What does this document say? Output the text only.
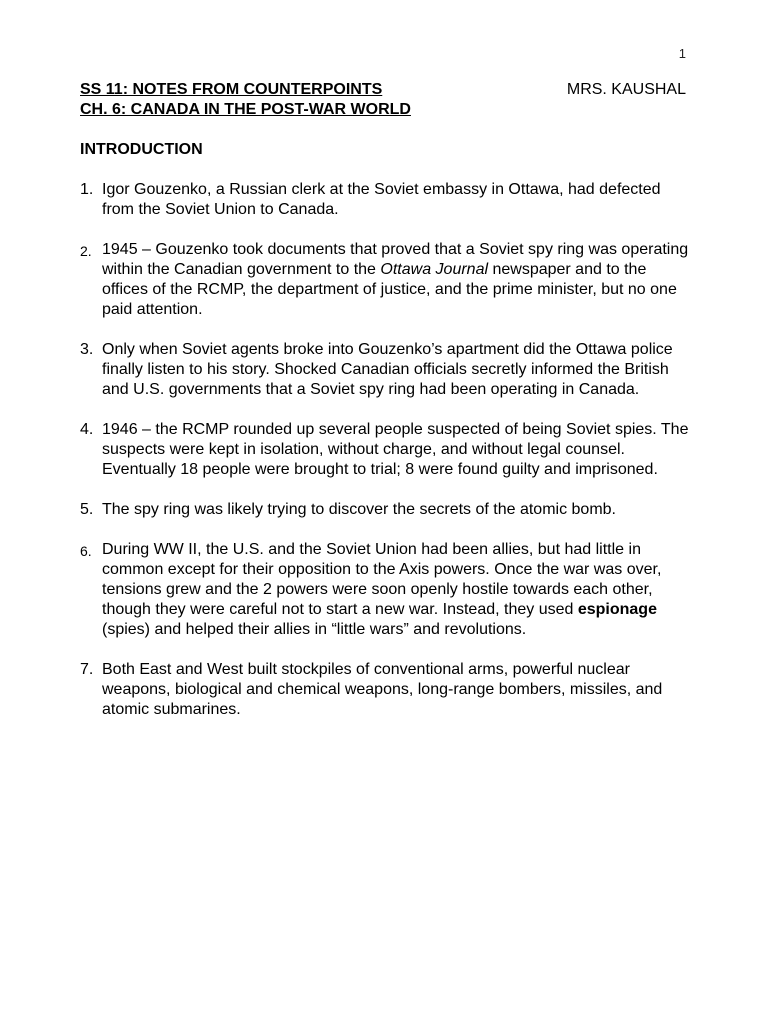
1
SS 11: NOTES FROM COUNTERPOINTS
CH. 6: CANADA IN THE POST-WAR WORLD
MRS. KAUSHAL
INTRODUCTION
1. Igor Gouzenko, a Russian clerk at the Soviet embassy in Ottawa, had defected from the Soviet Union to Canada.
2. 1945 – Gouzenko took documents that proved that a Soviet spy ring was operating within the Canadian government to the Ottawa Journal newspaper and to the offices of the RCMP, the department of justice, and the prime minister, but no one paid attention.
3. Only when Soviet agents broke into Gouzenko’s apartment did the Ottawa police finally listen to his story. Shocked Canadian officials secretly informed the British and U.S. governments that a Soviet spy ring had been operating in Canada.
4. 1946 – the RCMP rounded up several people suspected of being Soviet spies. The suspects were kept in isolation, without charge, and without legal counsel. Eventually 18 people were brought to trial; 8 were found guilty and imprisoned.
5. The spy ring was likely trying to discover the secrets of the atomic bomb.
6. During WW II, the U.S. and the Soviet Union had been allies, but had little in common except for their opposition to the Axis powers. Once the war was over, tensions grew and the 2 powers were soon openly hostile towards each other, though they were careful not to start a new war. Instead, they used espionage (spies) and helped their allies in “little wars” and revolutions.
7. Both East and West built stockpiles of conventional arms, powerful nuclear weapons, biological and chemical weapons, long-range bombers, missiles, and atomic submarines.
